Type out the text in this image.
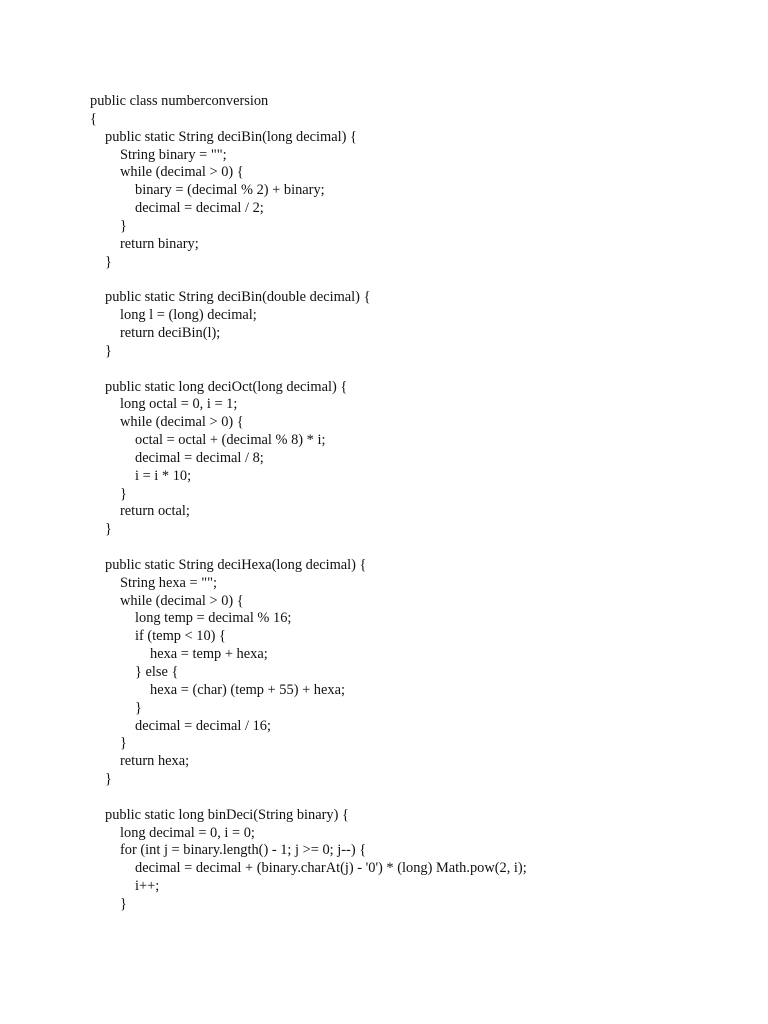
public class numberconversion
{
public static String deciBin(long decimal) {
String binary = "";
while (decimal > 0) {
binary = (decimal % 2) + binary;
decimal = decimal / 2;
}
return binary;
}
public static String deciBin(double decimal) {
long l = (long) decimal;
return deciBin(l);
}
public static long deciOct(long decimal) {
long octal = 0, i = 1;
while (decimal > 0) {
octal = octal + (decimal % 8) * i;
decimal = decimal / 8;
i = i * 10;
}
return octal;
}
public static String deciHexa(long decimal) {
String hexa = "";
while (decimal > 0) {
long temp = decimal % 16;
if (temp < 10) {
hexa = temp + hexa;
} else {
hexa = (char) (temp + 55) + hexa;
}
decimal = decimal / 16;
}
return hexa;
}
public static long binDeci(String binary) {
long decimal = 0, i = 0;
for (int j = binary.length() - 1; j >= 0; j--) {
decimal = decimal + (binary.charAt(j) - '0') * (long) Math.pow(2, i);
i++;
}
